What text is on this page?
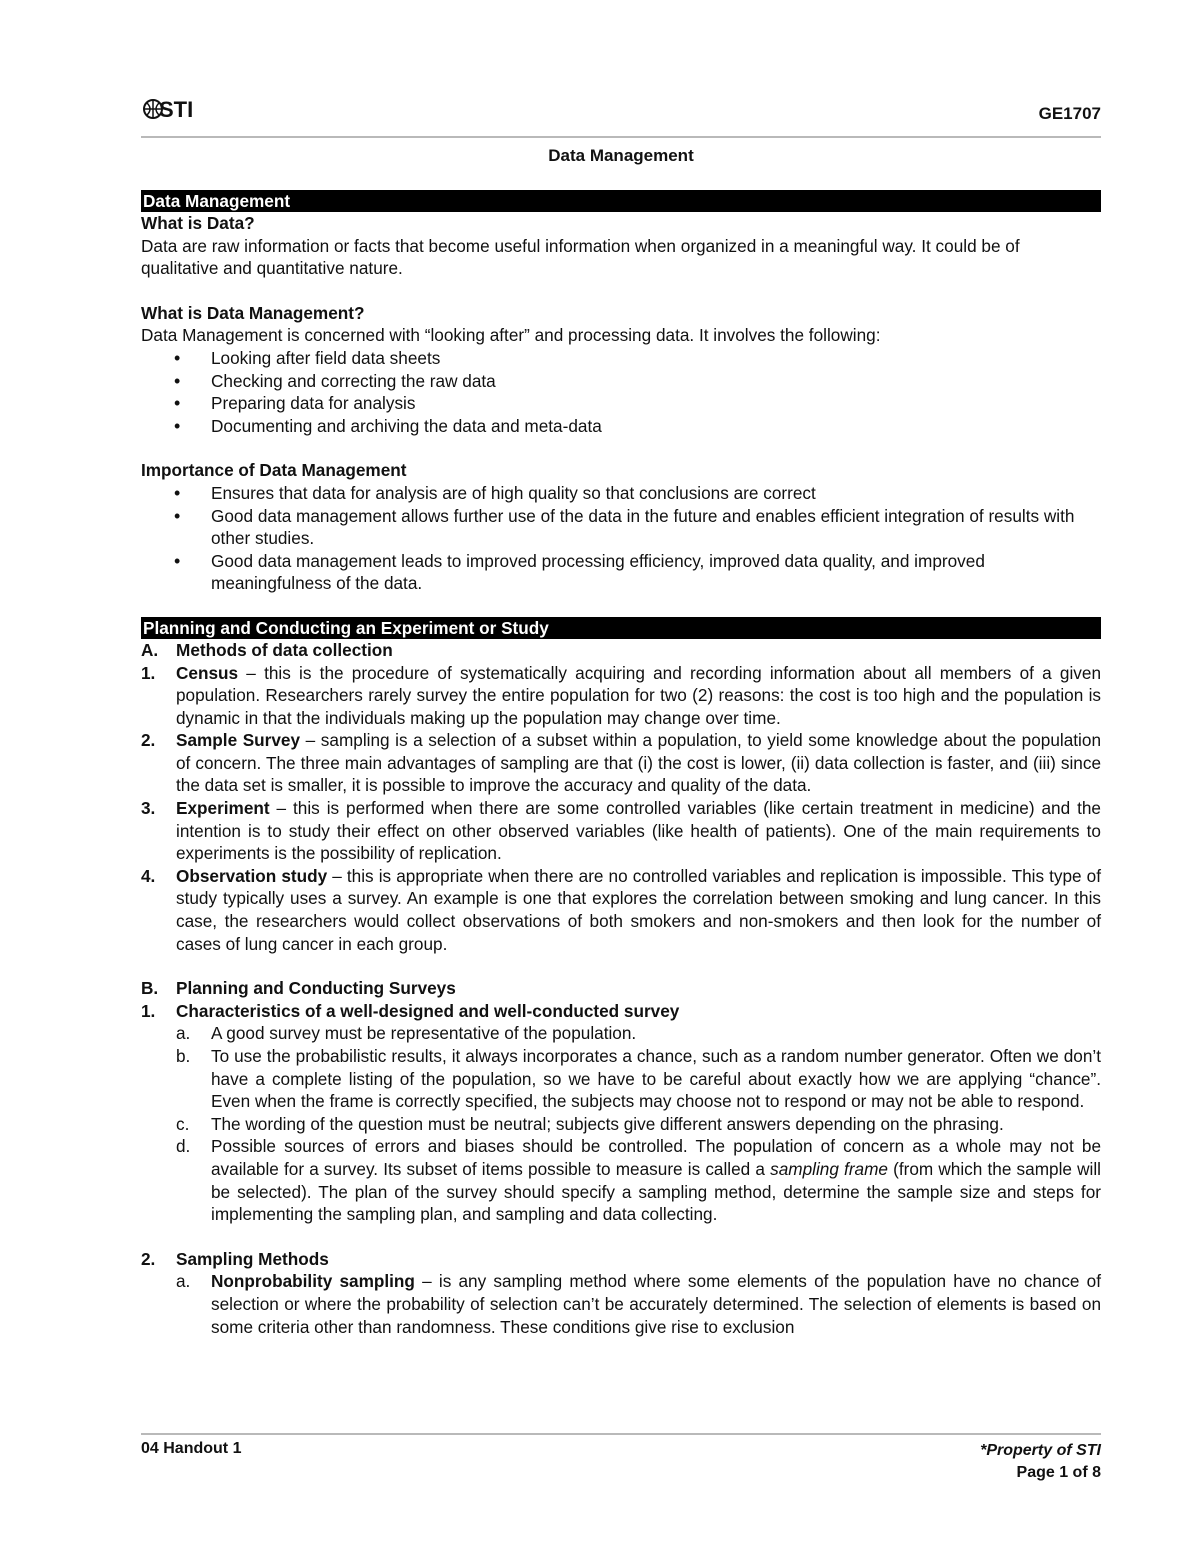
STI	GE1707
Data Management
Data Management

What is Data?

Data are raw information or facts that become useful information when organized in a meaningful way. It could be of qualitative and quantitative nature.

What is Data Management?

Data Management is concerned with “looking after” and processing data. It involves the following:

• Looking after field data sheets
• Checking and correcting the raw data
• Preparing data for analysis
• Documenting and archiving the data and meta-data

Importance of Data Management

• Ensures that data for analysis are of high quality so that conclusions are correct
• Good data management allows further use of the data in the future and enables efficient integration of results with other studies.
• Good data management leads to improved processing efficiency, improved data quality, and improved meaningfulness of the data.
Planning and Conducting an Experiment or Study
A. Methods of data collection
1. Census – this is the procedure of systematically acquiring and recording information about all members of a given population. Researchers rarely survey the entire population for two (2) reasons: the cost is too high and the population is dynamic in that the individuals making up the population may change over time.
2. Sample Survey – sampling is a selection of a subset within a population, to yield some knowledge about the population of concern. The three main advantages of sampling are that (i) the cost is lower, (ii) data collection is faster, and (iii) since the data set is smaller, it is possible to improve the accuracy and quality of the data.
3. Experiment – this is performed when there are some controlled variables (like certain treatment in medicine) and the intention is to study their effect on other observed variables (like health of patients). One of the main requirements to experiments is the possibility of replication.
4. Observation study – this is appropriate when there are no controlled variables and replication is impossible. This type of study typically uses a survey. An example is one that explores the correlation between smoking and lung cancer. In this case, the researchers would collect observations of both smokers and non-smokers and then look for the number of cases of lung cancer in each group.
B. Planning and Conducting Surveys
1. Characteristics of a well-designed and well-conducted survey
a. A good survey must be representative of the population.
b. To use the probabilistic results, it always incorporates a chance, such as a random number generator. Often we don’t have a complete listing of the population, so we have to be careful about exactly how we are applying “chance”. Even when the frame is correctly specified, the subjects may choose not to respond or may not be able to respond.
c. The wording of the question must be neutral; subjects give different answers depending on the phrasing.
d. Possible sources of errors and biases should be controlled. The population of concern as a whole may not be available for a survey. Its subset of items possible to measure is called a sampling frame (from which the sample will be selected). The plan of the survey should specify a sampling method, determine the sample size and steps for implementing the sampling plan, and sampling and data collecting.
2. Sampling Methods
a. Nonprobability sampling – is any sampling method where some elements of the population have no chance of selection or where the probability of selection can’t be accurately determined. The selection of elements is based on some criteria other than randomness. These conditions give rise to exclusion
04 Handout 1	*Property of STI
Page 1 of 8
